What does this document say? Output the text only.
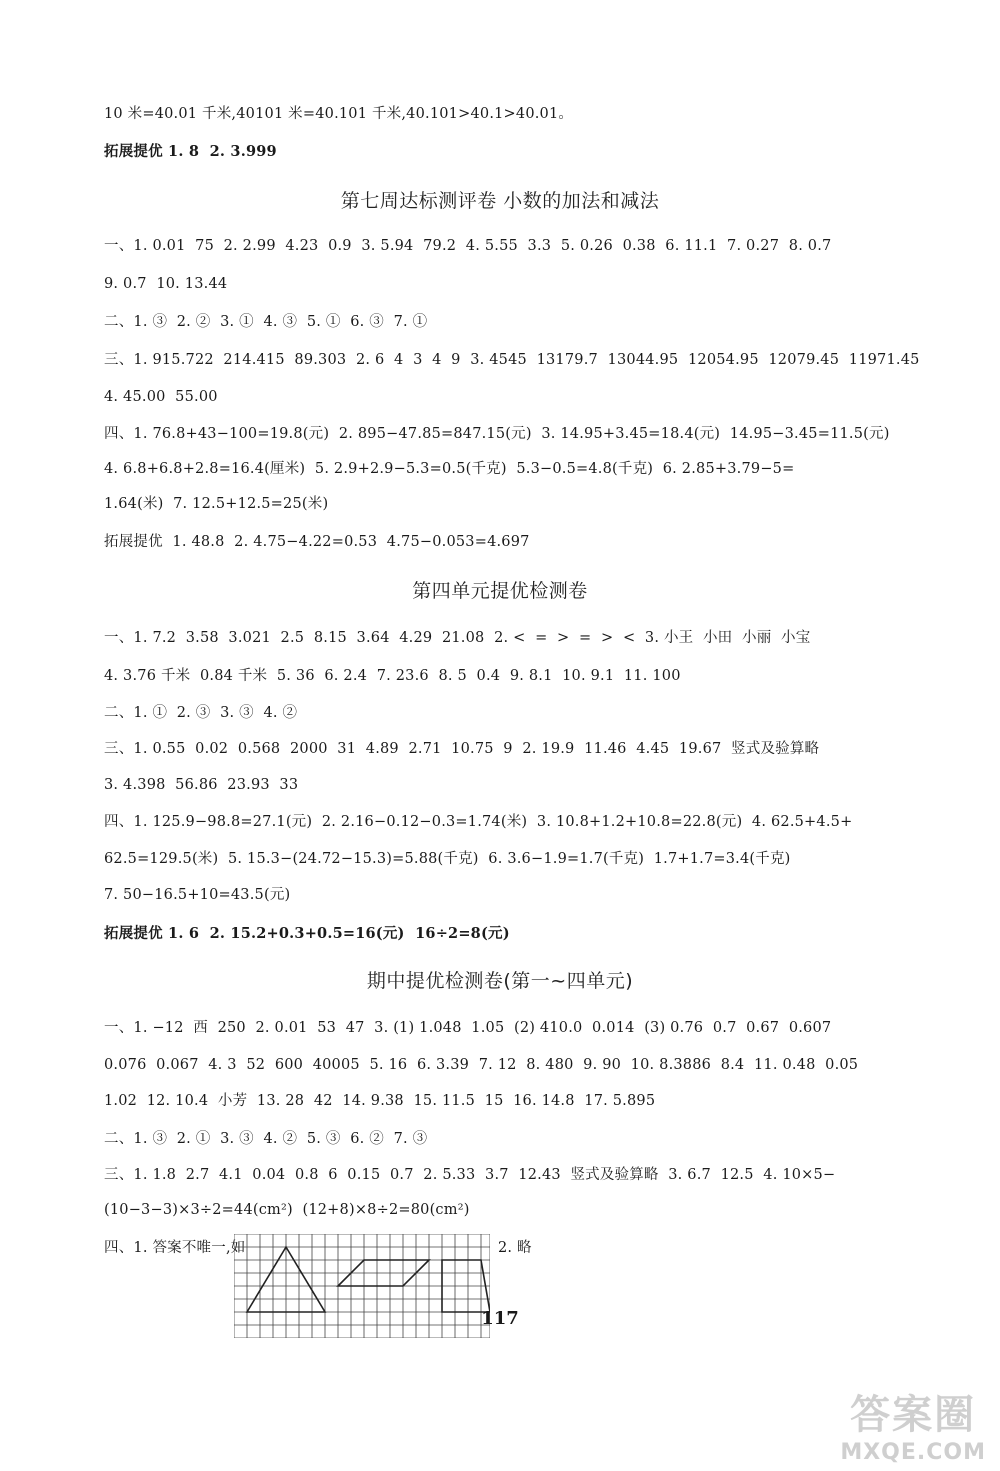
10 米=40.01 千米,40101 米=40.101 千米,40.101>40.1>40.01。
拓展提优 1. 8  2. 3.999
第七周达标测评卷 小数的加法和减法
一、1. 0.01  75  2. 2.99  4.23  0.9  3. 5.94  79.2  4. 5.55  3.3  5. 0.26  0.38  6. 11.1  7. 0.27  8. 0.7
9. 0.7  10. 13.44
二、1. ③  2. ②  3. ①  4. ③  5. ①  6. ③  7. ①
三、1. 915.722  214.415  89.303  2. 6  4  3  4  9  3. 4545  13179.7  13044.95  12054.95  12079.45  11971.45
4. 45.00  55.00
四、1. 76.8+43−100=19.8(元)  2. 895−47.85=847.15(元)  3. 14.95+3.45=18.4(元)  14.95−3.45=11.5(元)
4. 6.8+6.8+2.8=16.4(厘米)  5. 2.9+2.9−5.3=0.5(千克)  5.3−0.5=4.8(千克)  6. 2.85+3.79−5=
1.64(米)  7. 12.5+12.5=25(米)
拓展提优  1. 48.8  2. 4.75−4.22=0.53  4.75−0.053=4.697
第四单元提优检测卷
一、1. 7.2  3.58  3.021  2.5  8.15  3.64  4.29  21.08  2. <  =  >  =  >  <  3. 小王  小田  小丽  小宝
4. 3.76 千米  0.84 千米  5. 36  6. 2.4  7. 23.6  8. 5  0.4  9. 8.1  10. 9.1  11. 100
二、1. ①  2. ③  3. ③  4. ②
三、1. 0.55  0.02  0.568  2000  31  4.89  2.71  10.75  9  2. 19.9  11.46  4.45  19.67  竖式及验算略
3. 4.398  56.86  23.93  33
四、1. 125.9−98.8=27.1(元)  2. 2.16−0.12−0.3=1.74(米)  3. 10.8+1.2+10.8=22.8(元)  4. 62.5+4.5+
62.5=129.5(米)  5. 15.3−(24.72−15.3)=5.88(千克)  6. 3.6−1.9=1.7(千克)  1.7+1.7=3.4(千克)
7. 50−16.5+10=43.5(元)
拓展提优 1. 6  2. 15.2+0.3+0.5=16(元)  16÷2=8(元)
期中提优检测卷(第一~四单元)
一、1. −12  西  250  2. 0.01  53  47  3. (1) 1.048  1.05  (2) 410.0  0.014  (3) 0.76  0.7  0.67  0.607
0.076  0.067  4. 3  52  600  40005  5. 16  6. 3.39  7. 12  8. 480  9. 90  10. 8.3886  8.4  11. 0.48  0.05
1.02  12. 10.4  小芳  13. 28  42  14. 9.38  15. 11.5  15  16. 14.8  17. 5.895
二、1. ③  2. ①  3. ③  4. ②  5. ③  6. ②  7. ③
三、1. 1.8  2.7  4.1  0.04  0.8  6  0.15  0.7  2. 5.33  3.7  12.43  竖式及验算略  3. 6.7  12.5  4. 10×5−
(10−3−3)×3÷2=44(cm²)  (12+8)×8÷2=80(cm²)
四、1. 答案不唯一,如	2. 略
117
答案圈
MXQE.COM
